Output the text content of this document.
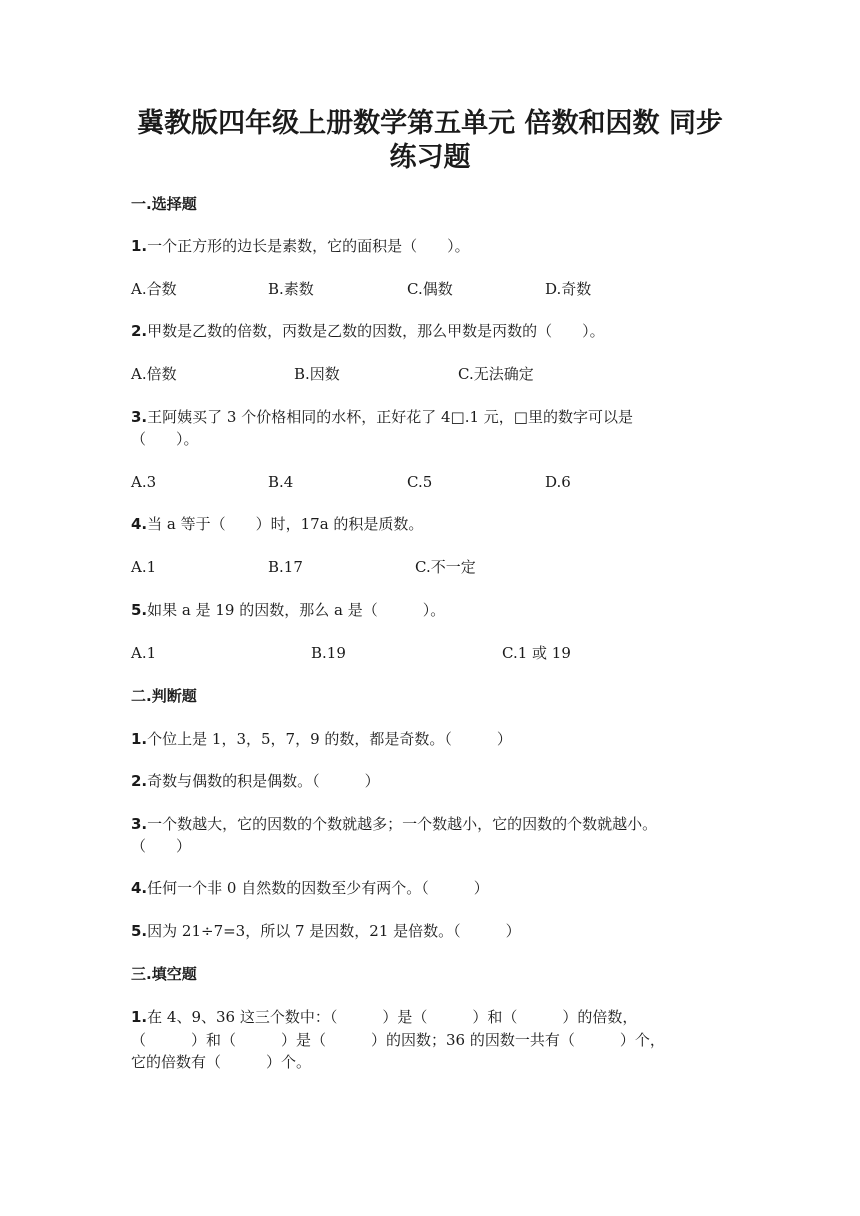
冀教版四年级上册数学第五单元 倍数和因数 同步
练习题
一.选择题
1.一个正方形的边长是素数，它的面积是（　　）。
A.合数	B.素数	C.偶数	D.奇数
2.甲数是乙数的倍数，丙数是乙数的因数，那么甲数是丙数的（　　）。
A.倍数	B.因数	C.无法确定
3.王阿姨买了 3 个价格相同的水杯，正好花了 4□.1 元，□里的数字可以是
（　　）。
A.3	B.4	C.5	D.6
4.当 a 等于（　　）时，17a 的积是质数。
A.1	B.17	C.不一定
5.如果 a 是 19 的因数，那么 a 是（　　　）。
A.1	B.19	C.1 或 19
二.判断题
1.个位上是 1，3，5，7，9 的数，都是奇数。（　　　）
2.奇数与偶数的积是偶数。（　　　）
3.一个数越大，它的因数的个数就越多；一个数越小，它的因数的个数就越小。
（　　）
4.任何一个非 0 自然数的因数至少有两个。（　　　）
5.因为 21÷7=3，所以 7 是因数，21 是倍数。（　　　）
三.填空题
1.在 4、9、36 这三个数中：（　　　）是（　　　）和（　　　）的倍数，
（　　　）和（　　　）是（　　　）的因数；36 的因数一共有（　　　）个，
它的倍数有（　　　）个。
